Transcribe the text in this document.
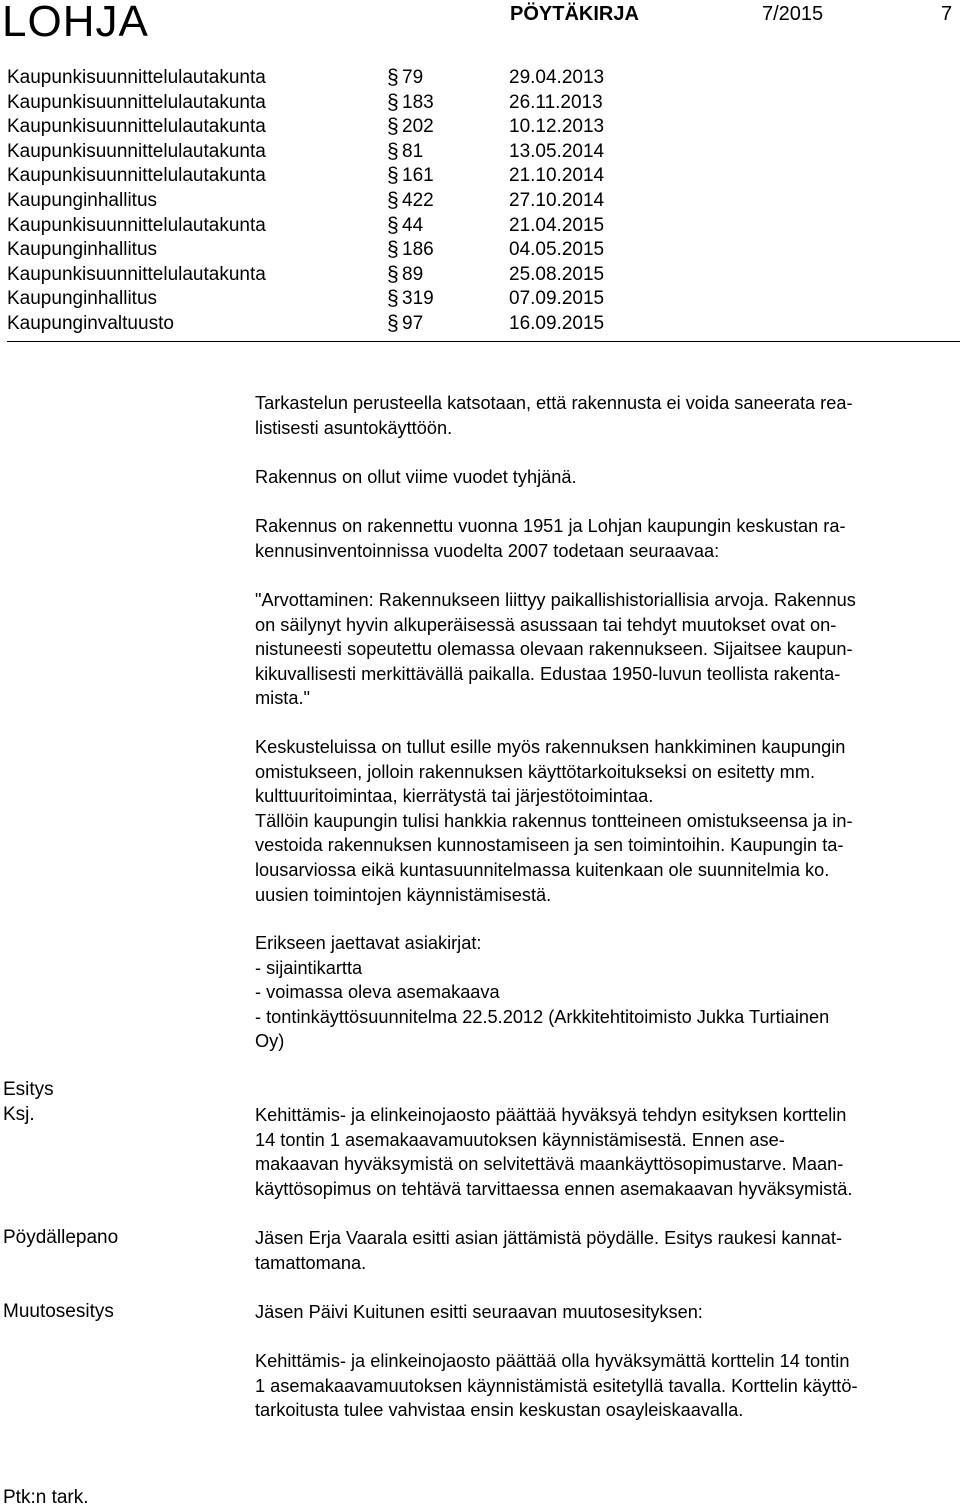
LOHJA	PÖYTÄKIRJA	7/2015	7
Kaupunkisuunnittelulautakunta	§ 79	29.04.2013
Kaupunkisuunnittelulautakunta	§ 183	26.11.2013
Kaupunkisuunnittelulautakunta	§ 202	10.12.2013
Kaupunkisuunnittelulautakunta	§ 81	13.05.2014
Kaupunkisuunnittelulautakunta	§ 161	21.10.2014
Kaupunginhallitus	§ 422	27.10.2014
Kaupunkisuunnittelulautakunta	§ 44	21.04.2015
Kaupunginhallitus	§ 186	04.05.2015
Kaupunkisuunnittelulautakunta	§ 89	25.08.2015
Kaupunginhallitus	§ 319	07.09.2015
Kaupunginvaltuusto	§ 97	16.09.2015
Tarkastelun perusteella katsotaan, että rakennusta ei voida saneerata rea-
listisesti asuntokäyttöön.
Rakennus on ollut viime vuodet tyhjänä.
Rakennus on rakennettu vuonna 1951 ja Lohjan kaupungin keskustan ra-
kennusinventoinnissa vuodelta 2007 todetaan seuraavaa:
"Arvottaminen: Rakennukseen liittyy paikallishistoriallisia arvoja. Rakennus
on säilynyt hyvin alkuperäisessä asussaan tai tehdyt muutokset ovat on-
nistuneesti sopeutettu olemassa olevaan rakennukseen. Sijaitsee kaupun-
kikuvallisesti merkittävällä paikalla. Edustaa 1950-luvun teollista rakenta-
mista."
Keskusteluissa on tullut esille myös rakennuksen hankkiminen kaupungin
omistukseen, jolloin rakennuksen käyttötarkoitukseksi on esitetty mm.
kulttuuritoimintaa, kierrätystä tai järjestötoimintaa.
Tällöin kaupungin tulisi hankkia rakennus tontteineen omistukseensa ja in-
vestoida rakennuksen kunnostamiseen ja sen toimintoihin. Kaupungin ta-
lousarviossa eikä kuntasuunnitelmassa kuitenkaan ole suunnitelmia ko.
uusien toimintojen käynnistämisestä.
Erikseen jaettavat asiakirjat:
- sijaintikartta
- voimassa oleva asemakaava
- tontinkäyttösuunnitelma 22.5.2012 (Arkkitehtitoimisto Jukka Turtiainen
Oy)
Kehittämis- ja elinkeinojaosto päättää hyväksyä tehdyn esityksen korttelin
14 tontin 1 asemakaavamuutoksen käynnistämisestä. Ennen ase-
makaavan hyväksymistä on selvitettävä maankäyttösopimustarve. Maan-
käyttösopimus on tehtävä tarvittaessa ennen asemakaavan hyväksymistä.
Jäsen Erja Vaarala esitti asian jättämistä pöydälle. Esitys raukesi kannat-
tamattomana.
Jäsen Päivi Kuitunen esitti seuraavan muutosesityksen:
Kehittämis- ja elinkeinojaosto päättää olla hyväksymättä korttelin 14 tontin
1 asemakaavamuutoksen käynnistämistä esitetyllä tavalla. Korttelin käyttö-
tarkoitusta tulee vahvistaa ensin keskustan osayleiskaavalla.
Esitys
Ksj.
Pöydällepano
Muutosesitys
Ptk:n tark.
